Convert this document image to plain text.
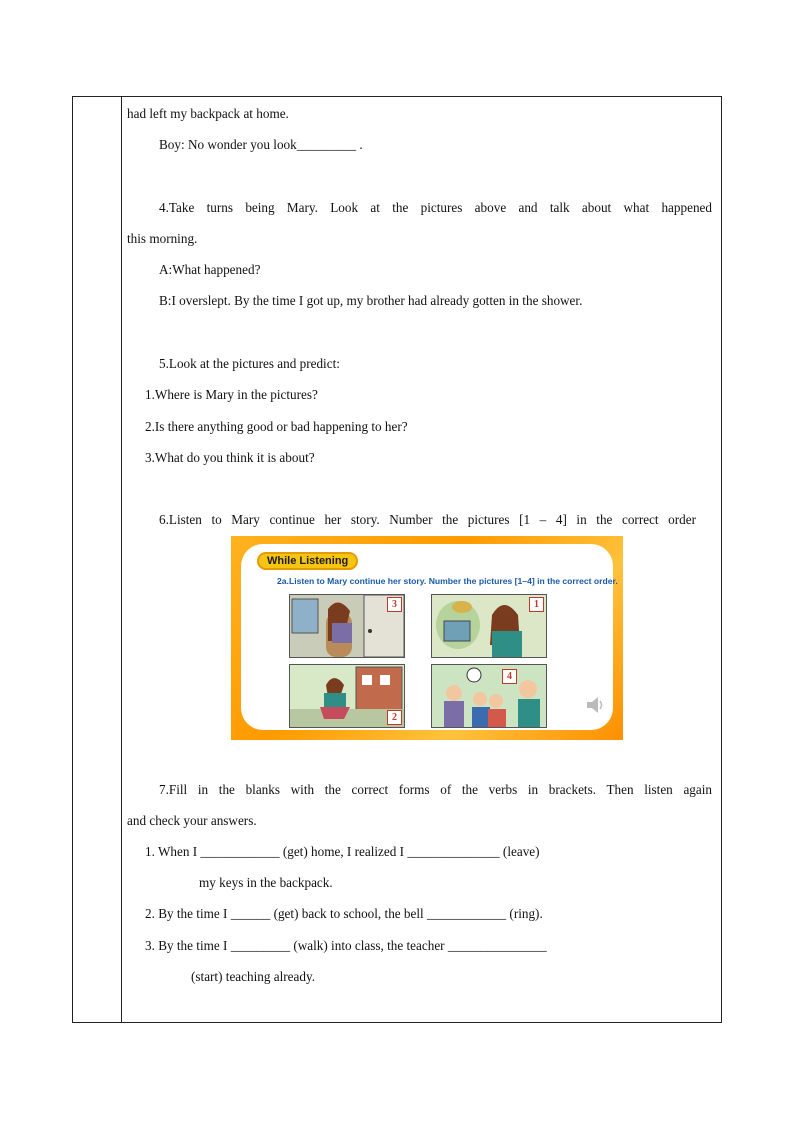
had left my backpack at home.
Boy: No wonder you look_________ .
4.Take turns being Mary. Look at the pictures above and talk about what happened
this morning.
A:What happened?
B:I overslept. By the time I got up, my brother had already gotten in the shower.
5.Look at the pictures and predict:
1.Where is Mary in the pictures?
2.Is there anything good or bad happening to her?
3.What do you think it is about?
6.Listen to Mary continue her story. Number the pictures [1 – 4] in the correct order
While Listening
2a.Listen to Mary continue her story. Number the pictures [1–4] in the correct order.
3	1
2
4
7.Fill in the blanks with the correct forms of the verbs in brackets. Then listen again
and check your answers.
1. When I ____________ (get) home, I realized I ______________ (leave)
my keys in the backpack.
2. By the time I ______ (get) back to school, the bell ____________ (ring).
3. By the time I _________ (walk) into class, the teacher _______________
(start) teaching already.
